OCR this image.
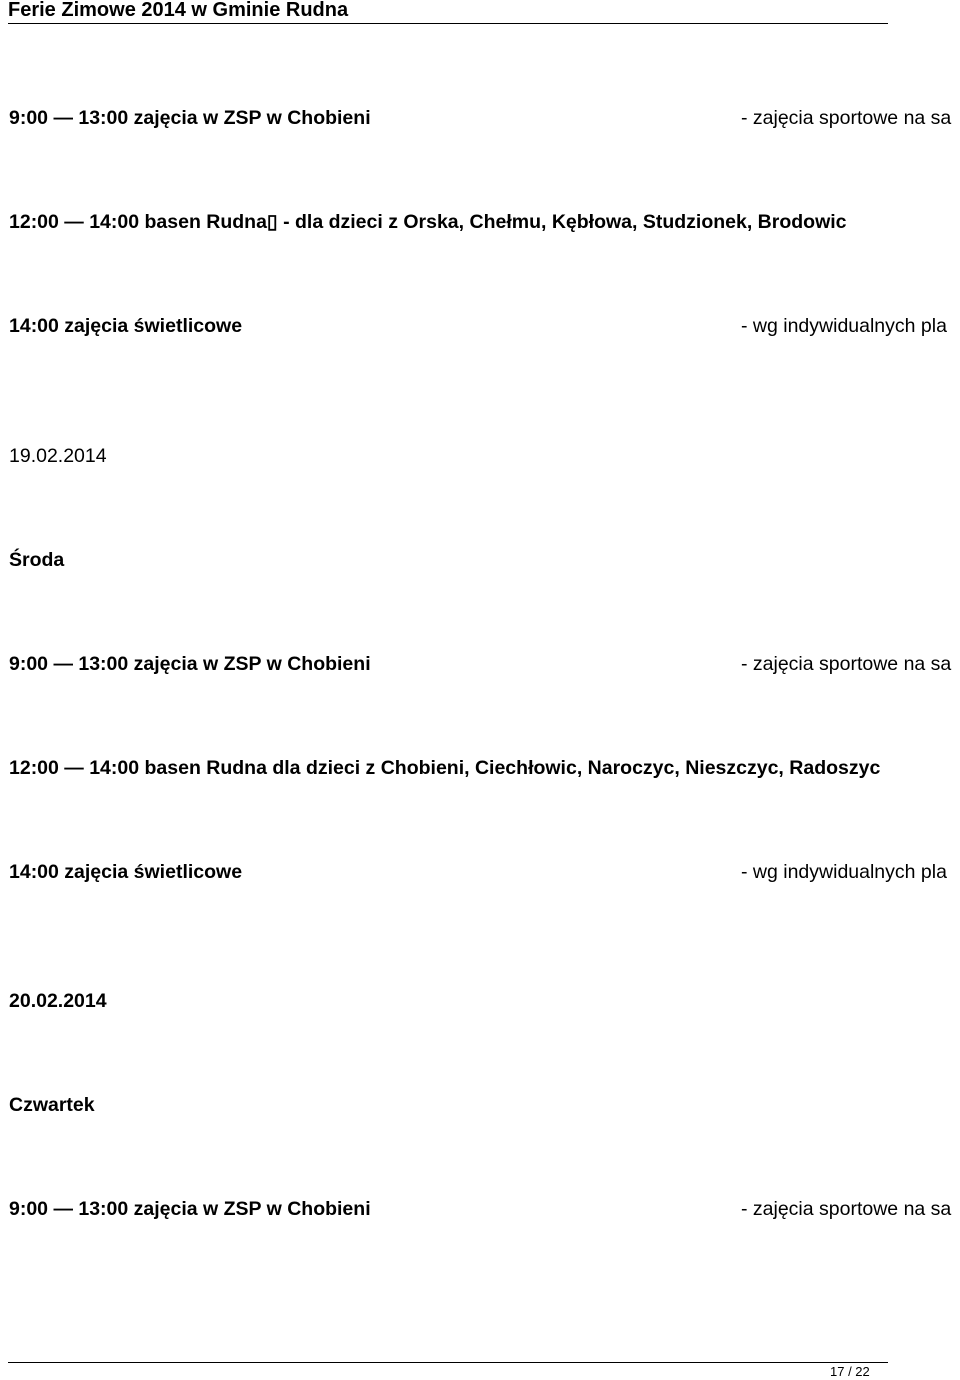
Ferie Zimowe 2014 w Gminie Rudna
9:00 — 13:00 zajęcia w ZSP w Chobieni	- zajęcia sportowe na sa
12:00 — 14:00 basen Rudna▯ - dla dzieci z Orska, Chełmu, Kębłowa, Studzionek, Brodowic
14:00 zajęcia świetlicowe	- wg indywidualnych pla
19.02.2014
Środa
9:00 — 13:00 zajęcia w ZSP w Chobieni	- zajęcia sportowe na sa
12:00 — 14:00 basen Rudna dla dzieci z Chobieni, Ciechłowic, Naroczyc, Nieszczyc, Radoszyc
14:00 zajęcia świetlicowe	- wg indywidualnych pla
20.02.2014
Czwartek
9:00 — 13:00 zajęcia w ZSP w Chobieni	- zajęcia sportowe na sa
17 / 22
